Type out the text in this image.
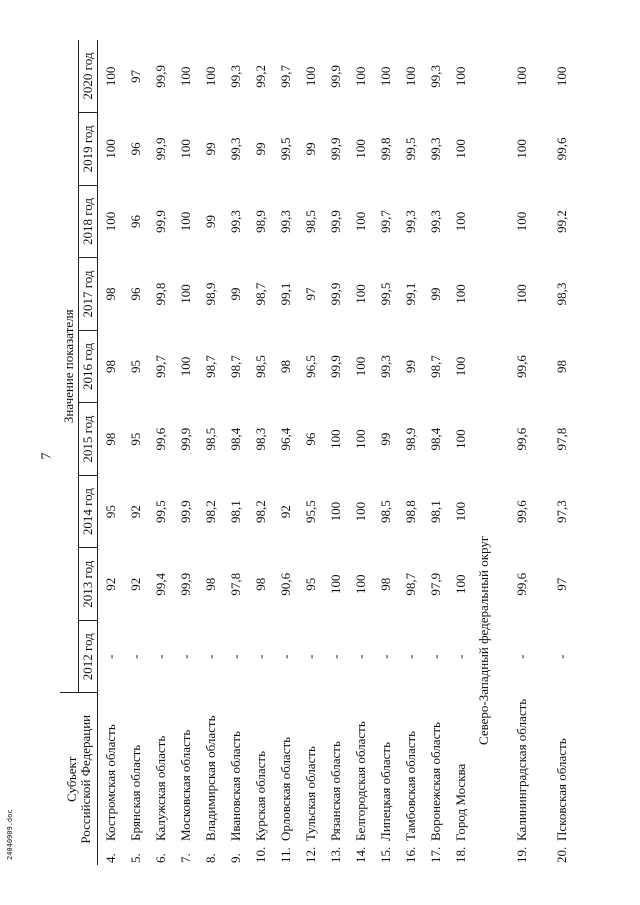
7
24040909.doc
Субъект Российской Федерации		Значение показателя								
		2012 год	2013 год	2014 год	2015 год	2016 год	2017 год	2018 год	2019 год	2020 год
4.	Костромская область	-	92	95	98	98	98	100	100	100
5.	Брянская область	-	92	92	95	95	96	96	96	97
6.	Калужская область	-	99,4	99,5	99,6	99,7	99,8	99,9	99,9	99,9
7.	Московская область	-	99,9	99,9	99,9	100	100	100	100	100
8.	Владимирская область	-	98	98,2	98,5	98,7	98,9	99	99	100
9.	Ивановская область	-	97,8	98,1	98,4	98,7	99	99,3	99,3	99,3
10.	Курская область	-	98	98,2	98,3	98,5	98,7	98,9	99	99,2
11.	Орловская область	-	90,6	92	96,4	98	99,1	99,3	99,5	99,7
12.	Тульская область	-	95	95,5	96	96,5	97	98,5	99	100
13.	Рязанская область	-	100	100	100	99,9	99,9	99,9	99,9	99,9
14.	Белгородская область	-	100	100	100	100	100	100	100	100
15.	Липецкая область	-	98	98,5	99	99,3	99,5	99,7	99,8	100
16.	Тамбовская область	-	98,7	98,8	98,9	99	99,1	99,3	99,5	100
17.	Воронежская область	-	97,9	98,1	98,4	98,7	99	99,3	99,3	99,3
18.	Город Москва	-	100	100	100	100	100	100	100	100
Северо-Западный федеральный округ										
19.	Калининградская область	-	99,6	99,6	99,6	99,6	100	100	100	100
20.	Псковская область	-	97	97,3	97,8	98	98,3	99,2	99,6	100
